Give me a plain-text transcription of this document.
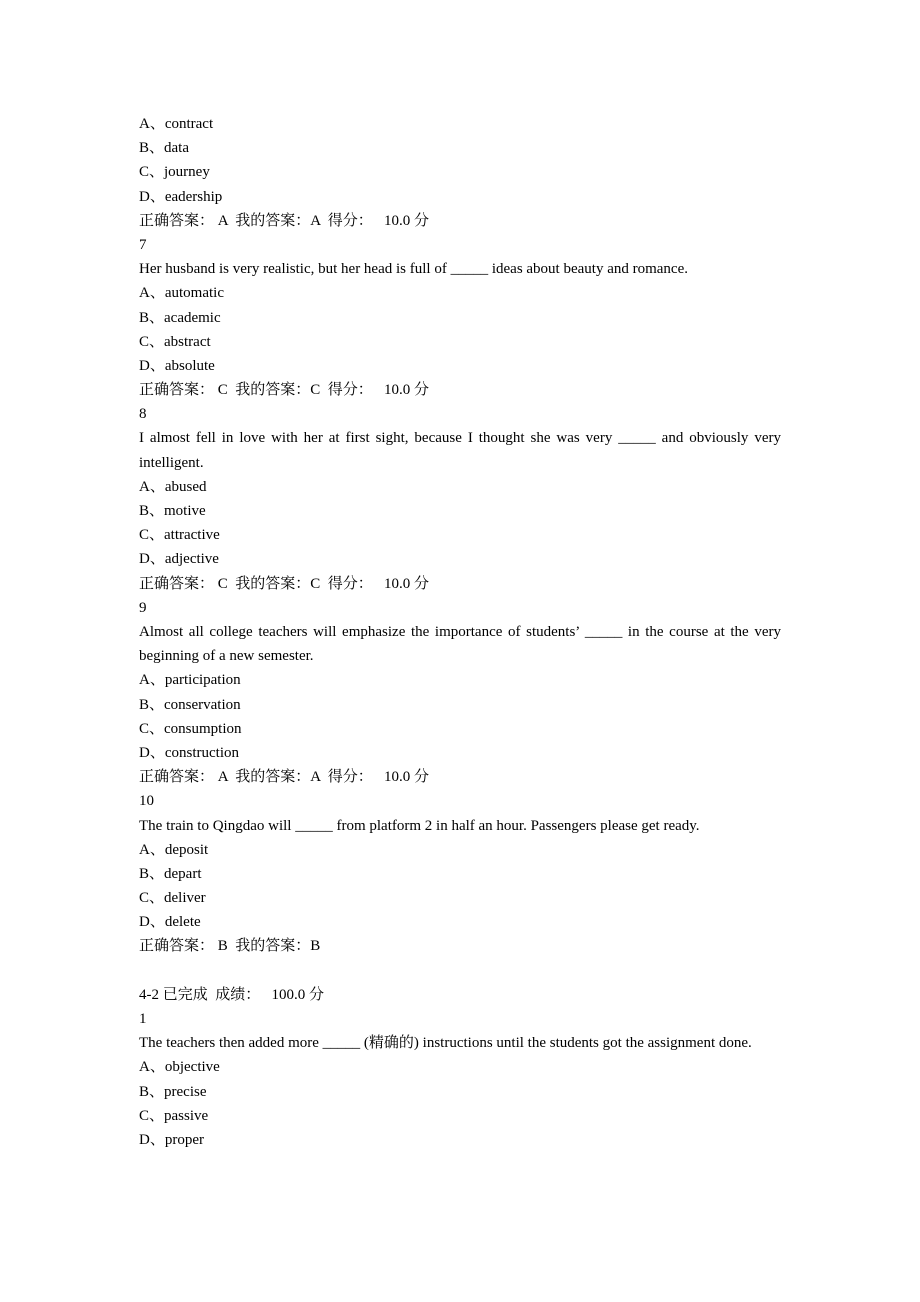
A、contract
B、data
C、journey
D、eadership
正确答案： A  我的答案：A  得分：   10.0 分
7
Her husband is very realistic, but her head is full of _____ ideas about beauty and romance.
A、automatic
B、academic
C、abstract
D、absolute
正确答案： C  我的答案：C  得分：   10.0 分
8
I almost fell in love with her at first sight, because I thought she was very _____ and obviously very intelligent.
A、abused
B、motive
C、attractive
D、adjective
正确答案： C  我的答案：C  得分：   10.0 分
9
Almost all college teachers will emphasize the importance of students’ _____ in the course at the very beginning of a new semester.
A、participation
B、conservation
C、consumption
D、construction
正确答案： A  我的答案：A  得分：   10.0 分
10
The train to Qingdao will _____ from platform 2 in half an hour. Passengers please get ready.
A、deposit
B、depart
C、deliver
D、delete
正确答案： B  我的答案：B
4-2 已完成  成绩：   100.0 分
1
The teachers then added more _____ (精确的) instructions until the students got the assignment done.
A、objective
B、precise
C、passive
D、proper
